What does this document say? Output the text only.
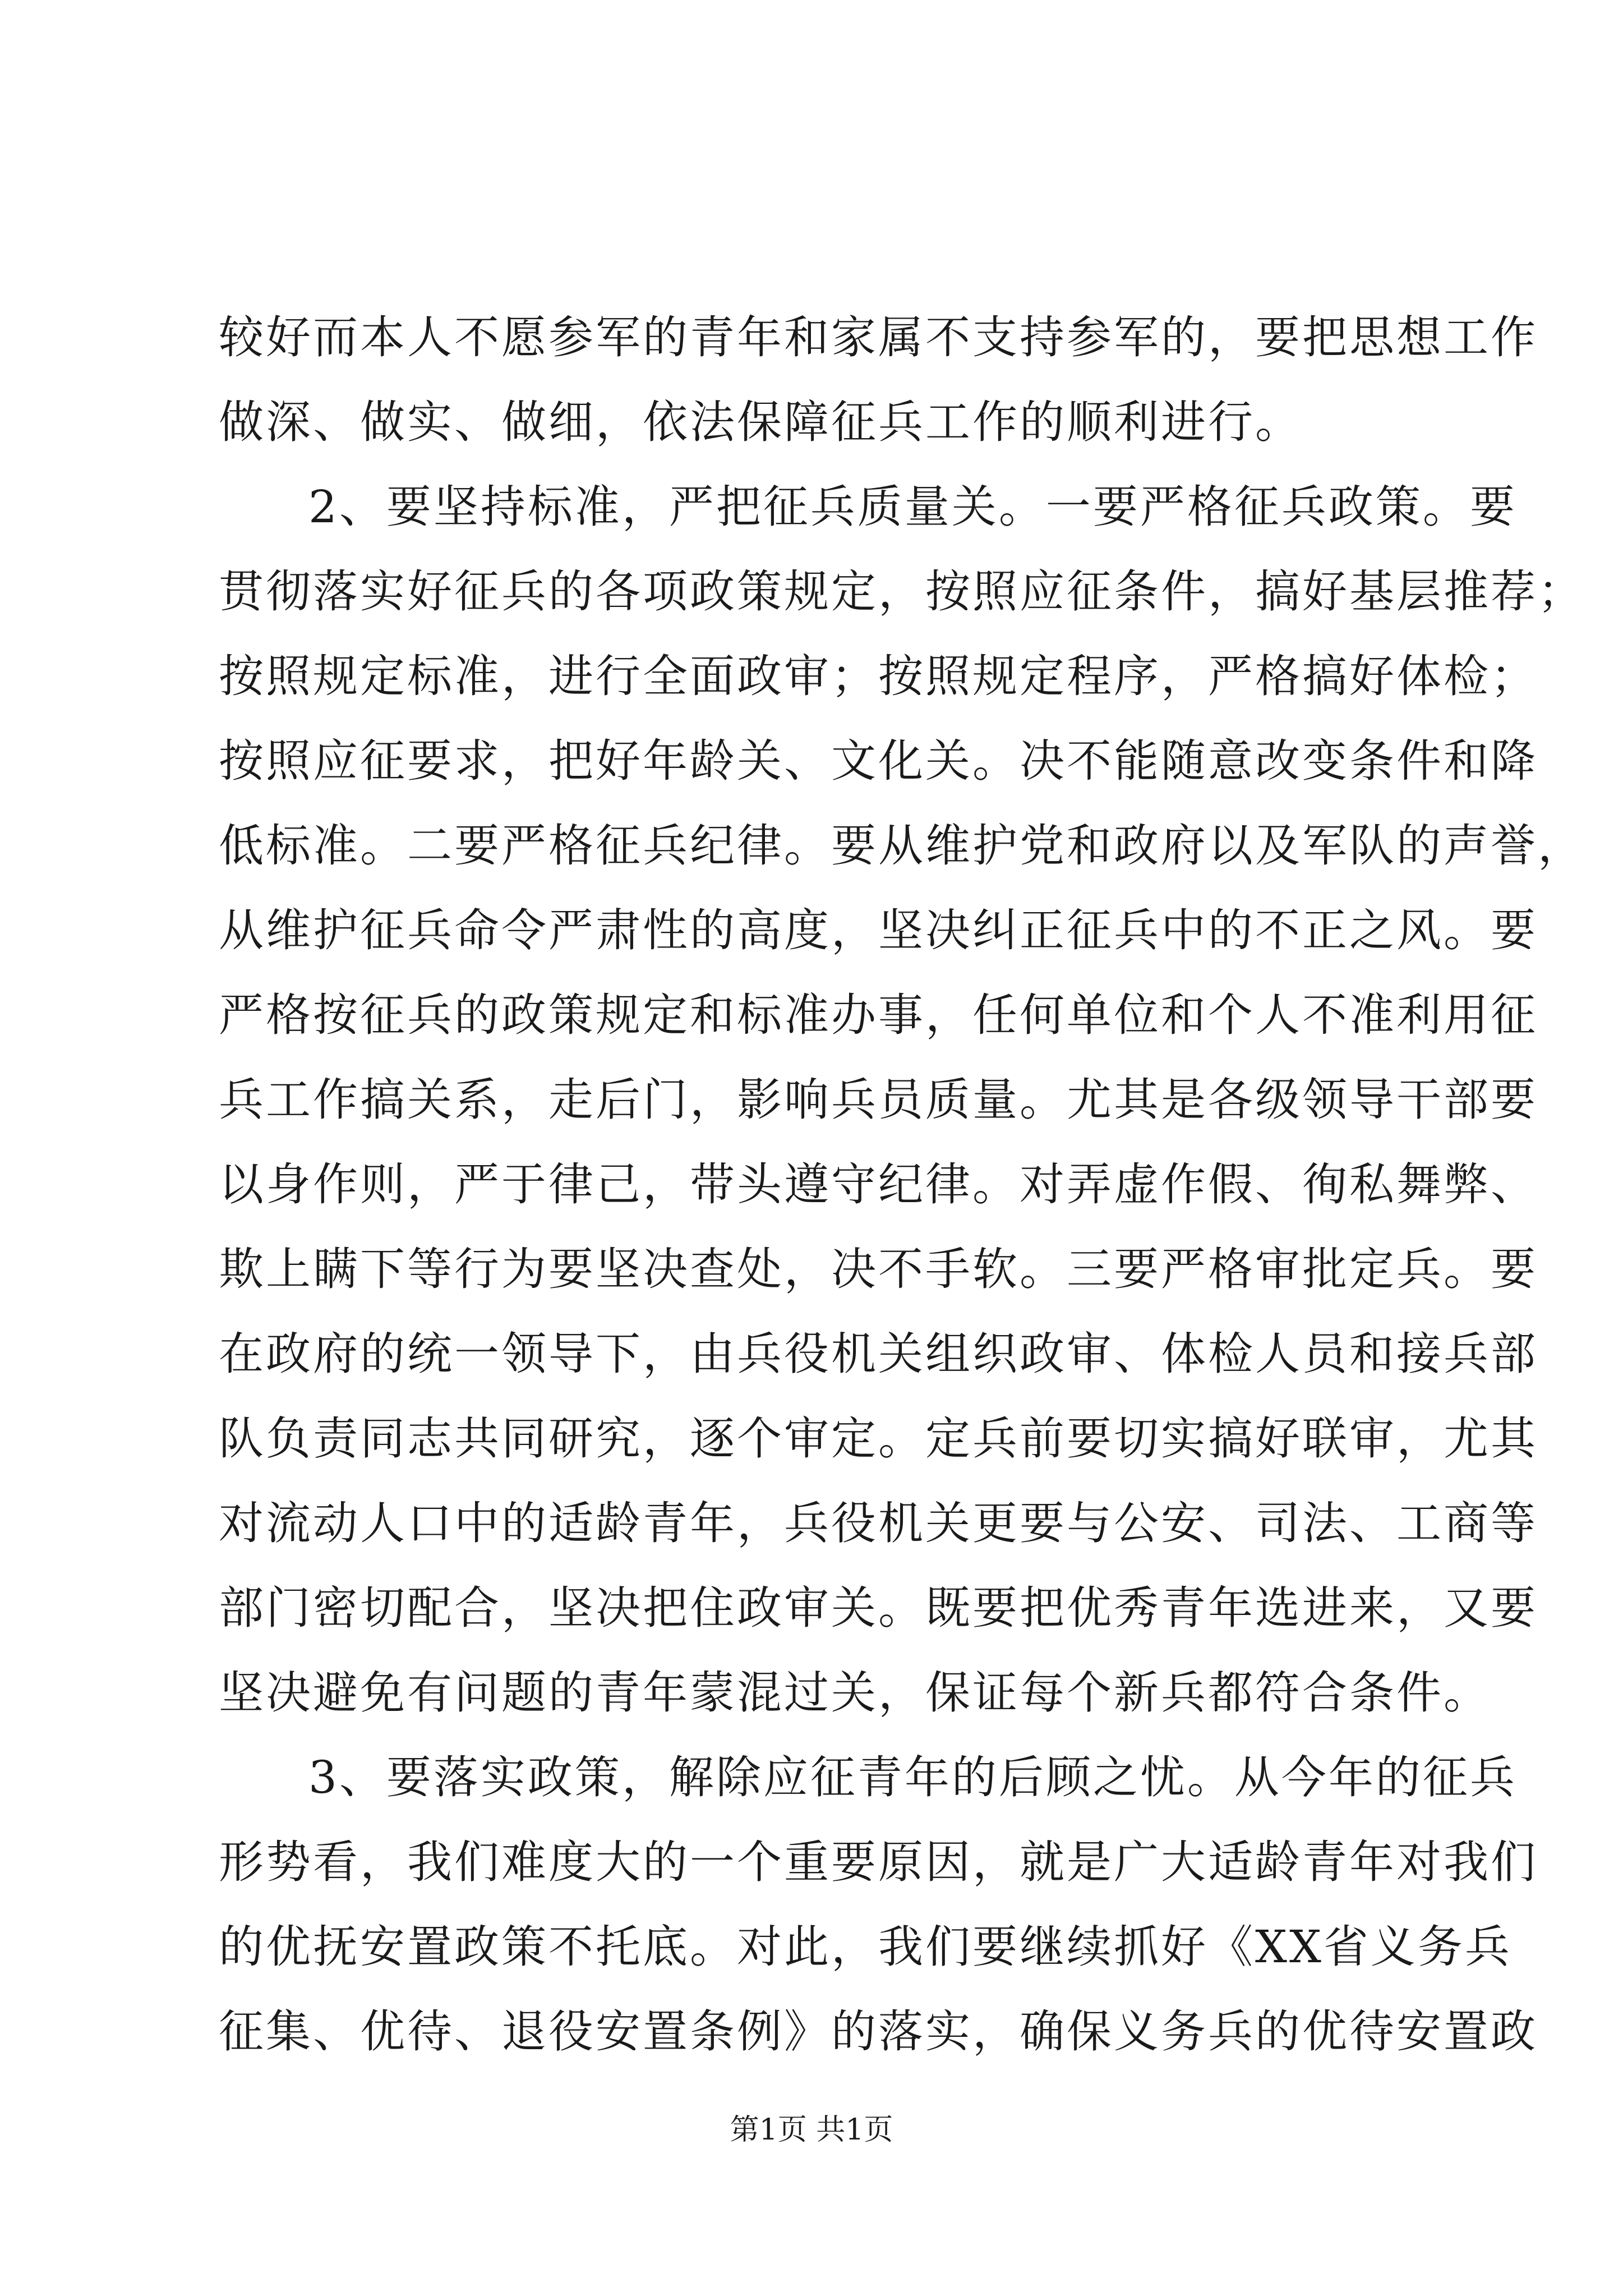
较好而本人不愿参军的青年和家属不支持参军的，要把思想工作
做深、做实、做细，依法保障征兵工作的顺利进行。
2、要坚持标准，严把征兵质量关。一要严格征兵政策。要
贯彻落实好征兵的各项政策规定，按照应征条件，搞好基层推荐；
按照规定标准，进行全面政审；按照规定程序，严格搞好体检；
按照应征要求，把好年龄关、文化关。决不能随意改变条件和降
低标准。二要严格征兵纪律。要从维护党和政府以及军队的声誉，
从维护征兵命令严肃性的高度，坚决纠正征兵中的不正之风。要
严格按征兵的政策规定和标准办事，任何单位和个人不准利用征
兵工作搞关系，走后门，影响兵员质量。尤其是各级领导干部要
以身作则，严于律己，带头遵守纪律。对弄虚作假、徇私舞弊、
欺上瞒下等行为要坚决查处，决不手软。三要严格审批定兵。要
在政府的统一领导下，由兵役机关组织政审、体检人员和接兵部
队负责同志共同研究，逐个审定。定兵前要切实搞好联审，尤其
对流动人口中的适龄青年，兵役机关更要与公安、司法、工商等
部门密切配合，坚决把住政审关。既要把优秀青年选进来，又要
坚决避免有问题的青年蒙混过关，保证每个新兵都符合条件。
3、要落实政策，解除应征青年的后顾之忧。从今年的征兵
形势看，我们难度大的一个重要原因，就是广大适龄青年对我们
的优抚安置政策不托底。对此，我们要继续抓好《XX省义务兵
征集、优待、退役安置条例》的落实，确保义务兵的优待安置政
第1页 共1页
